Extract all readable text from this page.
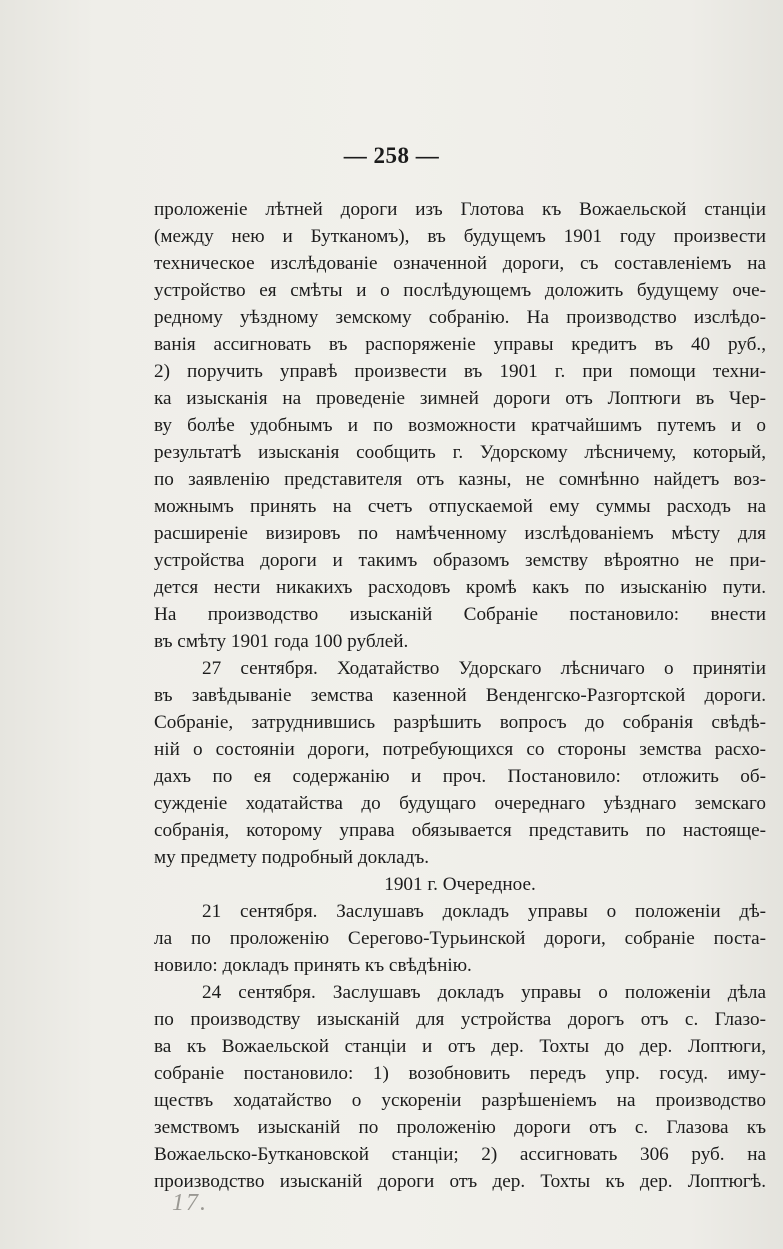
— 258 —
проложеніе лѣтней дороги изъ Глотова къ Вожаельской станціи
(между нею и Бутканомъ), въ будущемъ 1901 году произвести
техническое изслѣдованіе означенной дороги, съ составленіемъ на
устройство ея смѣты и о послѣдующемъ доложить будущему оче-
редному уѣздному земскому собранію. На производство изслѣдо-
ванія ассигновать въ распоряженіе управы кредитъ въ 40 руб.,
2) поручить управѣ произвести въ 1901 г. при помощи техни-
ка изысканія на проведеніе зимней дороги отъ Лоптюги въ Чер-
ву болѣе удобнымъ и по возможности кратчайшимъ путемъ и о
результатѣ изысканія сообщить г. Удорскому лѣсничему, который,
по заявленію представителя отъ казны, не сомнѣнно найдетъ воз-
можнымъ принять на счетъ отпускаемой ему суммы расходъ на
расширеніе визировъ по намѣченному изслѣдованіемъ мѣсту для
устройства дороги и такимъ образомъ земству вѣроятно не при-
дется нести никакихъ расходовъ кромѣ какъ по изысканію пути.
На производство изысканій Собраніе постановило: внести
въ смѣту 1901 года 100 рублей.
27 сентября. Ходатайство Удорскаго лѣсничаго о принятіи
въ завѣдываніе земства казенной Венденгско-Разгортской дороги.
Собраніе, затруднившись разрѣшить вопросъ до собранія свѣдѣ-
ній о состояніи дороги, потребующихся со стороны земства расхо-
дахъ по ея содержанію и проч. Постановило: отложить об-
сужденіе ходатайства до будущаго очереднаго уѣзднаго земскаго
собранія, которому управа обязывается представить по настояще-
му предмету подробный докладъ.
1901 г. Очередное.
21 сентября. Заслушавъ докладъ управы о положеніи дѣ-
ла по проложенію Серегово-Турьинской дороги, собраніе поста-
новило: докладъ принять къ свѣдѣнію.
24 сентября. Заслушавъ докладъ управы о положеніи дѣла
по производству изысканій для устройства дорогъ отъ с. Глазо-
ва къ Вожаельской станціи и отъ дер. Тохты до дер. Лоптюги,
собраніе постановило: 1) возобновить передъ упр. госуд. иму-
ществъ ходатайство о ускореніи разрѣшеніемъ на производство
земствомъ изысканій по проложенію дороги отъ с. Глазова къ
Вожаельско-Буткановской станціи; 2) ассигновать 306 руб. на
производство изысканій дороги отъ дер. Тохты къ дер. Лоптюгѣ.
17.
